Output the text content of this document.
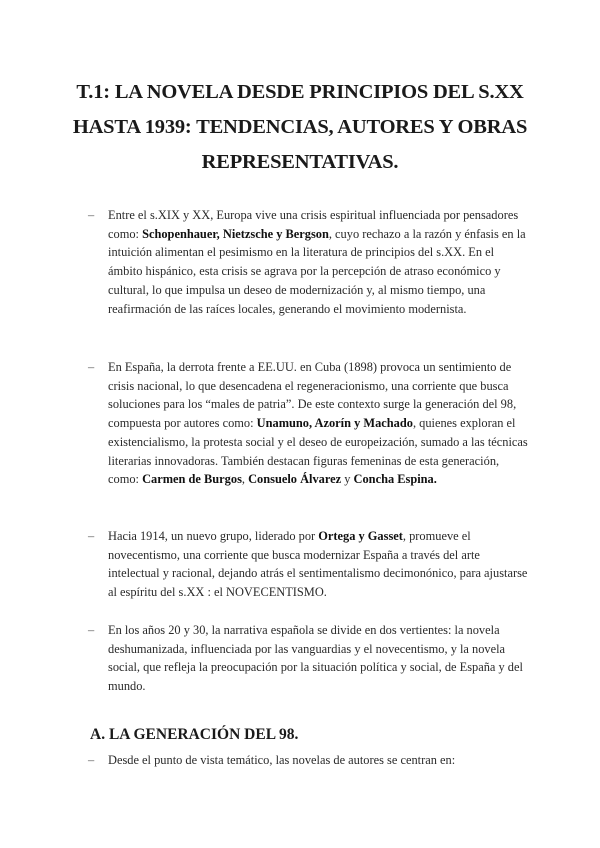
T.1: LA NOVELA DESDE PRINCIPIOS DEL S.XX HASTA 1939: TENDENCIAS, AUTORES Y OBRAS REPRESENTATIVAS.
– Entre el s.XIX y XX, Europa vive una crisis espiritual influenciada por pensadores como: Schopenhauer, Nietzsche y Bergson, cuyo rechazo a la razón y énfasis en la intuición alimentan el pesimismo en la literatura de principios del s.XX. En el ámbito hispánico, esta crisis se agrava por la percepción de atraso económico y cultural, lo que impulsa un deseo de modernización y, al mismo tiempo, una reafirmación de las raíces locales, generando el movimiento modernista.

– En España, la derrota frente a EE.UU. en Cuba (1898) provoca un sentimiento de crisis nacional, lo que desencadena el regeneracionismo, una corriente que busca soluciones para los “males de patria”. De este contexto surge la generación del 98, compuesta por autores como: Unamuno, Azorín y Machado, quienes exploran el existencialismo, la protesta social y el deseo de europeización, sumado a las técnicas literarias innovadoras. También destacan figuras femeninas de esta generación, como: Carmen de Burgos, Consuelo Álvarez y Concha Espina.

– Hacia 1914, un nuevo grupo, liderado por Ortega y Gasset, promueve el novecentismo, una corriente que busca modernizar España a través del arte intelectual y racional, dejando atrás el sentimentalismo decimonónico, para ajustarse al espíritu del s.XX : el NOVECENTISMO.

– En los años 20 y 30, la narrativa española se divide en dos vertientes: la novela deshumanizada, influenciada por las vanguardias y el novecentismo, y la novela social, que refleja la preocupación por la situación política y social, de España y del mundo.

A. LA GENERACIÓN DEL 98.
– Desde el punto de vista temático, las novelas de autores se centran en:
